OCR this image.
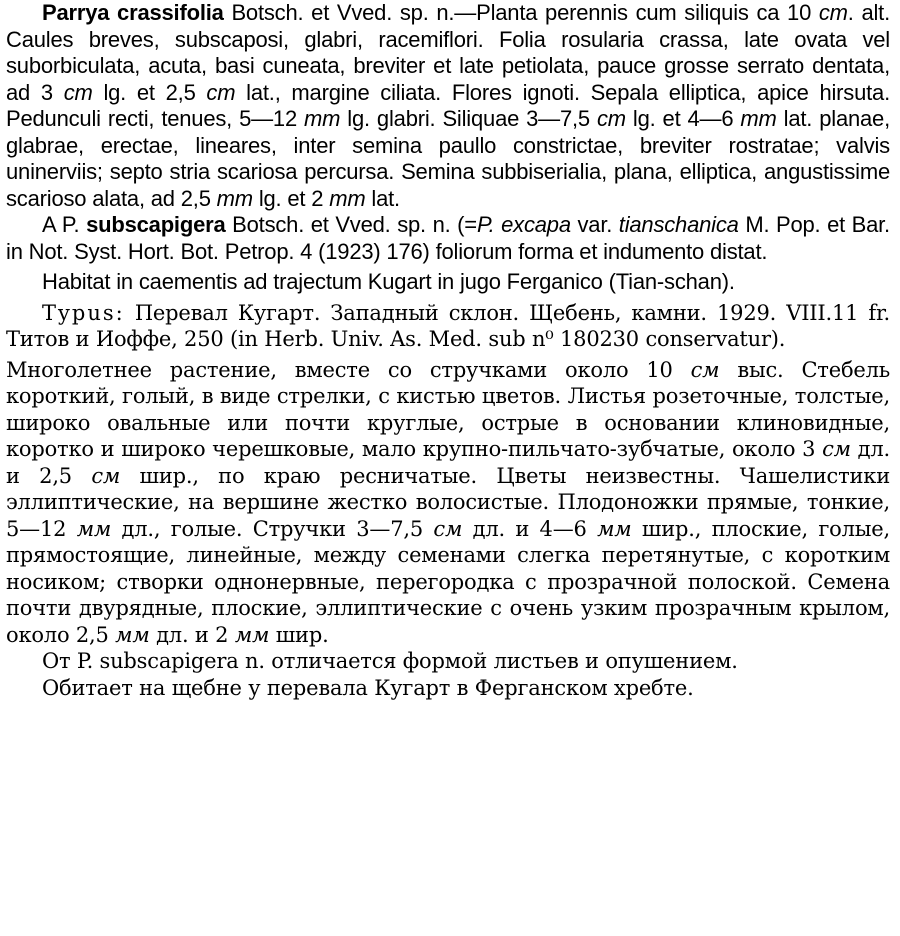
Parrya crassifolia Botsch. et Vved. sp. n.—Planta perennis cum siliquis ca 10 cm. alt. Caules breves, subscaposi, glabri, racemiflori. Folia rosularia crassa, late ovata vel suborbiculata, acuta, basi cuneata, breviter et late petiolata, pauce grosse serrato dentata, ad 3 cm lg. et 2,5 cm lat., margine ciliata. Flores ignoti. Sepala elliptica, apice hirsuta. Pedunculi recti, tenues, 5—12 mm lg. glabri. Siliquae 3—7,5 cm lg. et 4—6 mm lat. planae, glabrae, erectae, lineares, inter semina paullo constrictae, breviter rostratae; valvis uninerviis; septo stria scariosa percursa. Semina subbiserialia, plana, elliptica, angustissime scarioso alata, ad 2,5 mm lg. et 2 mm lat.

A P. subscapigera Botsch. et Vved. sp. n. (=P. excapa var. tianschanica M. Pop. et Bar. in Not. Syst. Hort. Bot. Petrop. 4 (1923) 176) foliorum forma et indumento distat.

Habitat in caementis ad trajectum Kugart in jugo Ferganico (Tian-schan).

Typus: Перевал Кугарт. Западный склон. Щебень, камни. 1929. VIII.11 fr. Титов и Иоффе, 250 (in Herb. Univ. As. Med. sub n⁰ 180230 conservatur).

Многолетнее растение, вместе со стручками около 10 см выс. Стебель короткий, голый, в виде стрелки, с кистью цветов. Листья розеточные, толстые, широко овальные или почти круглые, острые в основании клиновидные, коротко и широко черешковые, мало крупно-пильчато-зубчатые, около 3 см дл. и 2,5 см шир., по краю ресничатые. Цветы неизвестны. Чашелистики эллиптические, на вершине жестко волосистые. Плодоножки прямые, тонкие, 5—12 мм дл., голые. Стручки 3—7,5 см дл. и 4—6 мм шир., плоские, голые, прямостоящие, линейные, между семенами слегка перетянутые, с коротким носиком; створки однонервные, перегородка с прозрачной полоской. Семена почти двурядные, плоские, эллиптические с очень узким прозрачным крылом, около 2,5 мм дл. и 2 мм шир.

От P. subscapigera n. отличается формой листьев и опушением.

Обитает на щебне у перевала Кугарт в Ферганском хребте.
